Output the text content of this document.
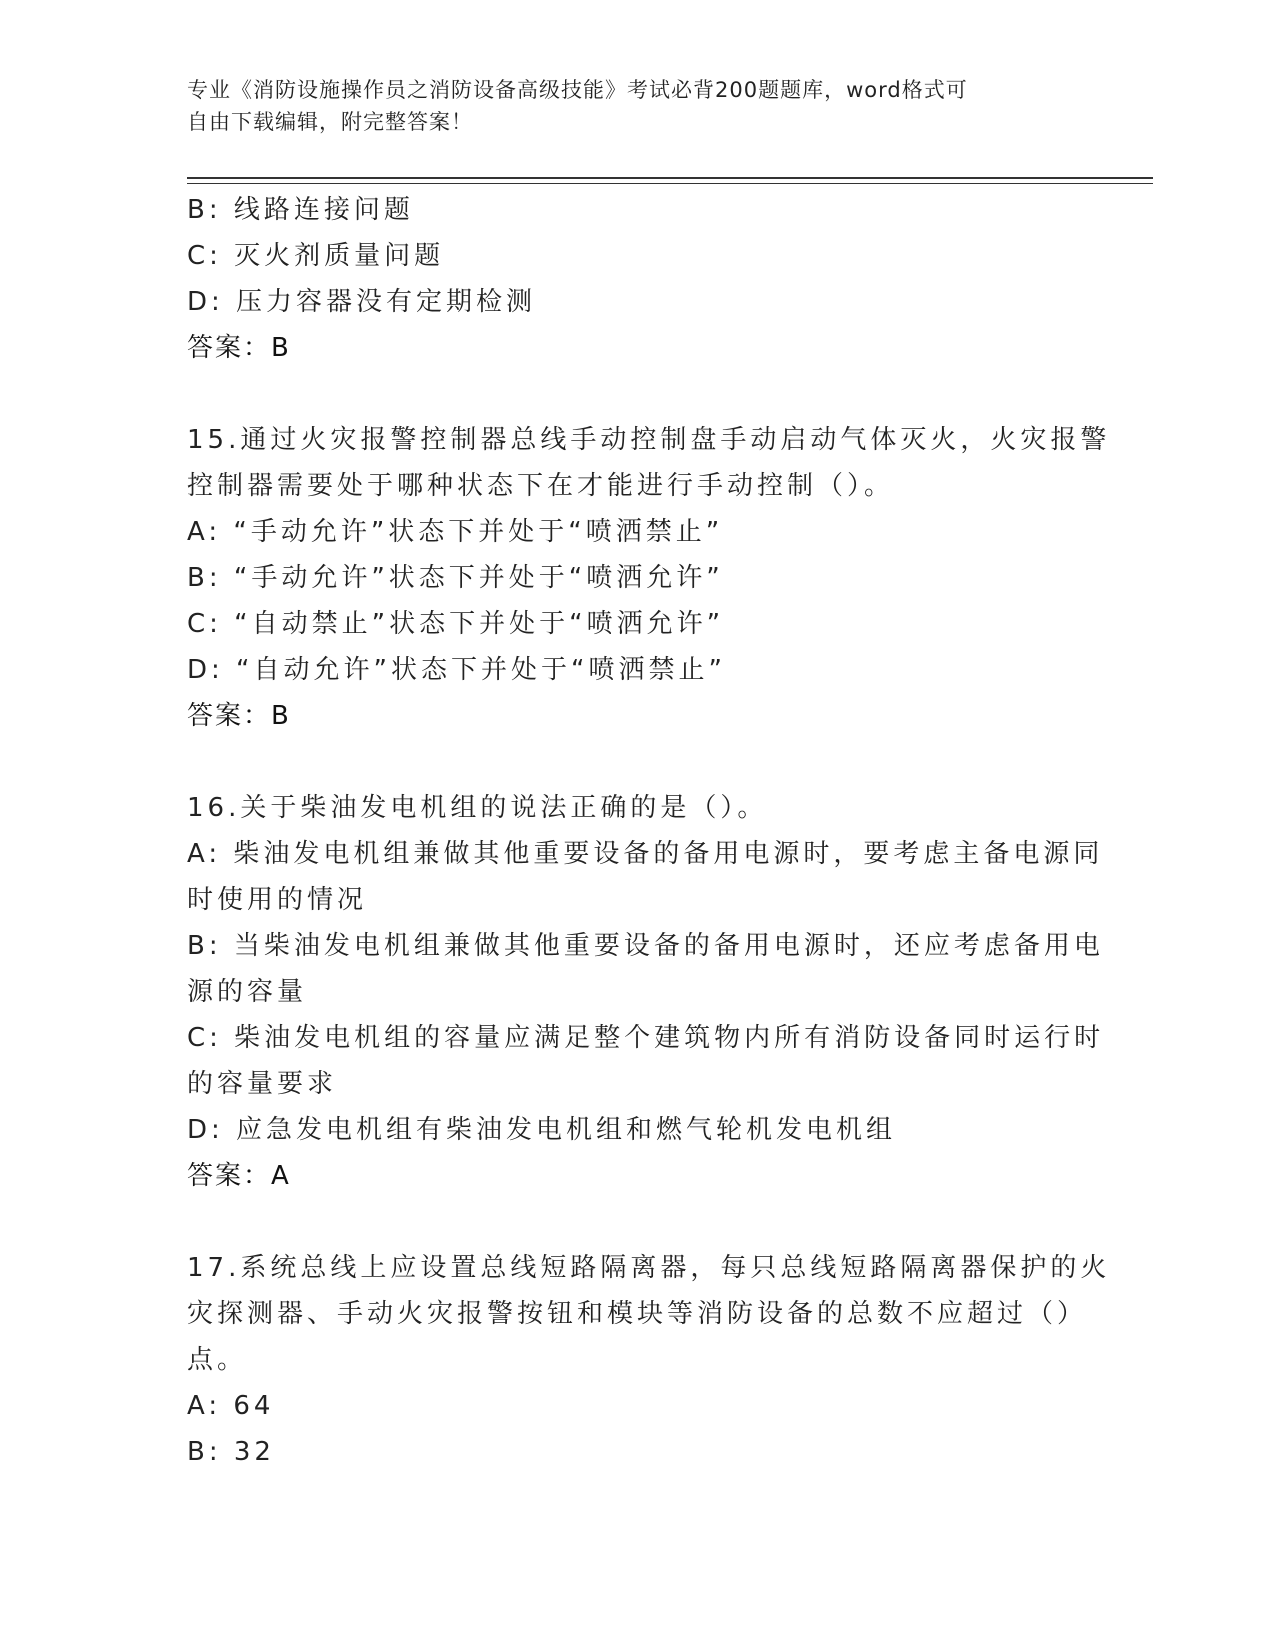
专业《消防设施操作员之消防设备高级技能》考试必背200题题库，word格式可
自由下载编辑，附完整答案！
B: 线路连接问题
C: 灭火剂质量问题
D: 压力容器没有定期检测
答案：B
15.通过火灾报警控制器总线手动控制盘手动启动气体灭火，火灾报警
控制器需要处于哪种状态下在才能进行手动控制（）。
A: “手动允许”状态下并处于“喷洒禁止”
B: “手动允许”状态下并处于“喷洒允许”
C: “自动禁止”状态下并处于“喷洒允许”
D: “自动允许”状态下并处于“喷洒禁止”
答案：B
16.关于柴油发电机组的说法正确的是（）。
A: 柴油发电机组兼做其他重要设备的备用电源时，要考虑主备电源同
时使用的情况
B: 当柴油发电机组兼做其他重要设备的备用电源时，还应考虑备用电
源的容量
C: 柴油发电机组的容量应满足整个建筑物内所有消防设备同时运行时
的容量要求
D: 应急发电机组有柴油发电机组和燃气轮机发电机组
答案：A
17.系统总线上应设置总线短路隔离器，每只总线短路隔离器保护的火
灾探测器、手动火灾报警按钮和模块等消防设备的总数不应超过（）
点。
A: 64
B: 32
